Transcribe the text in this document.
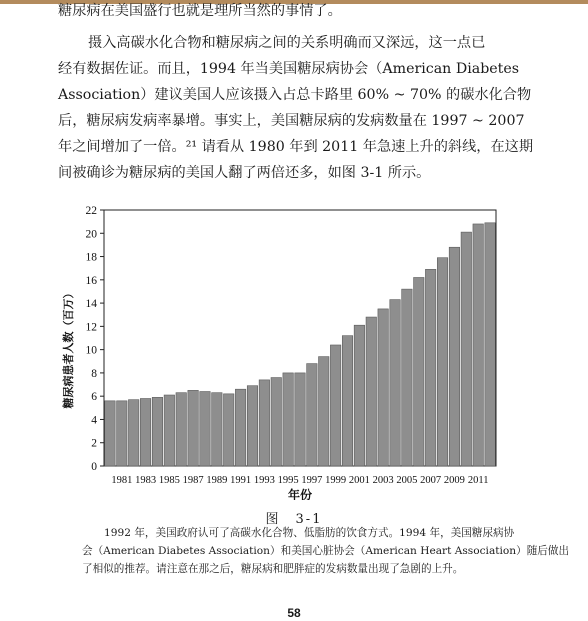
糖尿病在美国盛行也就是理所当然的事情了。
摄入高碳水化合物和糖尿病之间的关系明确而又深远，这一点已
经有数据佐证。而且，1994 年当美国糖尿病协会（American Diabetes
Association）建议美国人应该摄入占总卡路里 60% ~ 70% 的碳水化合物
后，糖尿病发病率暴增。事实上，美国糖尿病的发病数量在 1997 ~ 2007
年之间增加了一倍。²¹ 请看从 1980 年到 2011 年急速上升的斜线，在这期
间被确诊为糖尿病的美国人翻了两倍还多，如图 3-1 所示。
0
2
4
6
8
10
12
14
16
18
20
22
1981 1983 1985 1987 1989 1991 1993 1995 1997 1999 2001 2003 2005 2007 2009 2011
年份
糖尿病患者人数（百万）
图　3-1
1992 年，美国政府认可了高碳水化合物、低脂肪的饮食方式。1994 年，美国糖尿病协
会（American Diabetes Association）和美国心脏协会（American Heart Association）随后做出
了相似的推荐。请注意在那之后，糖尿病和肥胖症的发病数量出现了急剧的上升。
58
